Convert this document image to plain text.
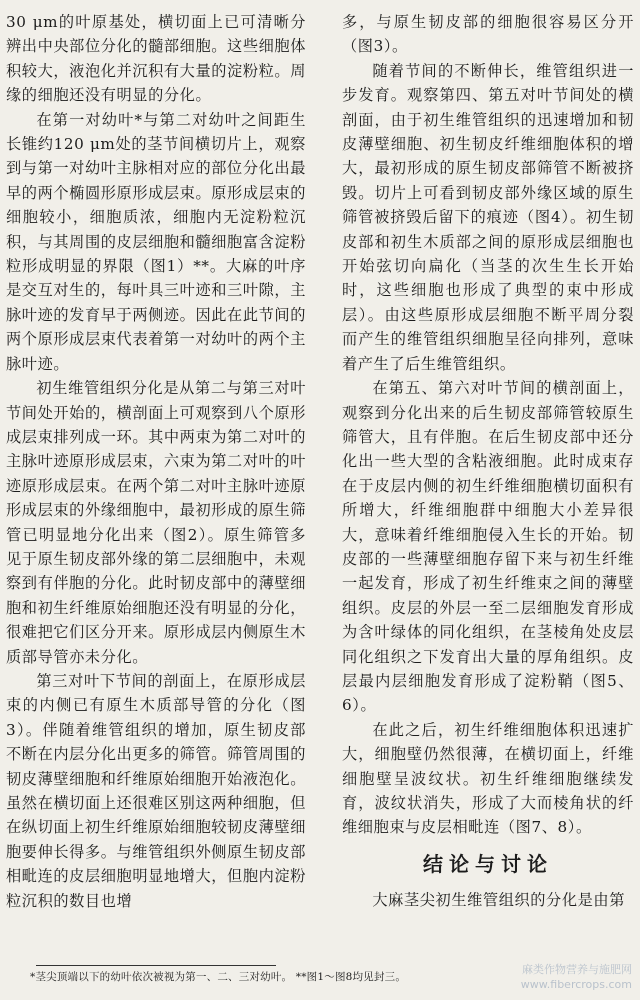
30 μm的叶原基处，横切面上已可清晰分辨出中央部位分化的髓部细胞。这些细胞体积较大，液泡化并沉积有大量的淀粉粒。周缘的细胞还没有明显的分化。

在第一对幼叶*与第二对幼叶之间距生长锥约120 μm处的茎节间横切片上，观察到与第一对幼叶主脉相对应的部位分化出最早的两个椭圆形原形成层束。原形成层束的细胞较小，细胞质浓，细胞内无淀粉粒沉积，与其周围的皮层细胞和髓细胞富含淀粉粒形成明显的界限（图1）**。大麻的叶序是交互对生的，每叶具三叶迹和三叶隙，主脉叶迹的发育早于两侧迹。因此在此节间的两个原形成层束代表着第一对幼叶的两个主脉叶迹。

初生维管组织分化是从第二与第三对叶节间处开始的，横剖面上可观察到八个原形成层束排列成一环。其中两束为第二对叶的主脉叶迹原形成层束，六束为第二对叶的叶迹原形成层束。在两个第二对叶主脉叶迹原形成层束的外缘细胞中，最初形成的原生筛管已明显地分化出来（图2）。原生筛管多见于原生韧皮部外缘的第二层细胞中，未观察到有伴胞的分化。此时韧皮部中的薄壁细胞和初生纤维原始细胞还没有明显的分化，很难把它们区分开来。原形成层内侧原生木质部导管亦未分化。

第三对叶下节间的剖面上，在原形成层束的内侧已有原生木质部导管的分化（图3）。伴随着维管组织的增加，原生韧皮部不断在内层分化出更多的筛管。筛管周围的韧皮薄壁细胞和纤维原始细胞开始液泡化。虽然在横切面上还很难区别这两种细胞，但在纵切面上初生纤维原始细胞较韧皮薄壁细胞要伸长得多。与维管组织外侧原生韧皮部相毗连的皮层细胞明显地增大，但胞内淀粉粒沉积的数目也增

多，与原生韧皮部的细胞很容易区分开（图3）。

随着节间的不断伸长，维管组织进一步发育。观察第四、第五对叶节间处的横剖面，由于初生维管组织的迅速增加和韧皮薄壁细胞、初生韧皮纤维细胞体积的增大，最初形成的原生韧皮部筛管不断被挤毁。切片上可看到韧皮部外缘区域的原生筛管被挤毁后留下的痕迹（图4）。初生韧皮部和初生木质部之间的原形成层细胞也开始弦切向扁化（当茎的次生生长开始时，这些细胞也形成了典型的束中形成层）。由这些原形成层细胞不断平周分裂而产生的维管组织细胞呈径向排列，意味着产生了后生维管组织。

在第五、第六对叶节间的横剖面上，观察到分化出来的后生韧皮部筛管较原生筛管大，且有伴胞。在后生韧皮部中还分化出一些大型的含粘液细胞。此时成束存在于皮层内侧的初生纤维细胞横切面积有所增大，纤维细胞群中细胞大小差异很大，意味着纤维细胞侵入生长的开始。韧皮部的一些薄壁细胞存留下来与初生纤维一起发育，形成了初生纤维束之间的薄壁组织。皮层的外层一至二层细胞发育形成为含叶绿体的同化组织，在茎棱角处皮层同化组织之下发育出大量的厚角组织。皮层最内层细胞发育形成了淀粉鞘（图5、6）。

在此之后，初生纤维细胞体积迅速扩大，细胞壁仍然很薄，在横切面上，纤维细胞壁呈波纹状。初生纤维细胞继续发育，波纹状消失，形成了大而棱角状的纤维细胞束与皮层相毗连（图7、8）。

结论与讨论

大麻茎尖初生维管组织的分化是由第

*茎尖顶端以下的幼叶依次被视为第一、二、三对幼叶。 **图1～图8均见封三。
麻类作物营养与施肥网
www.fibercrops.com
